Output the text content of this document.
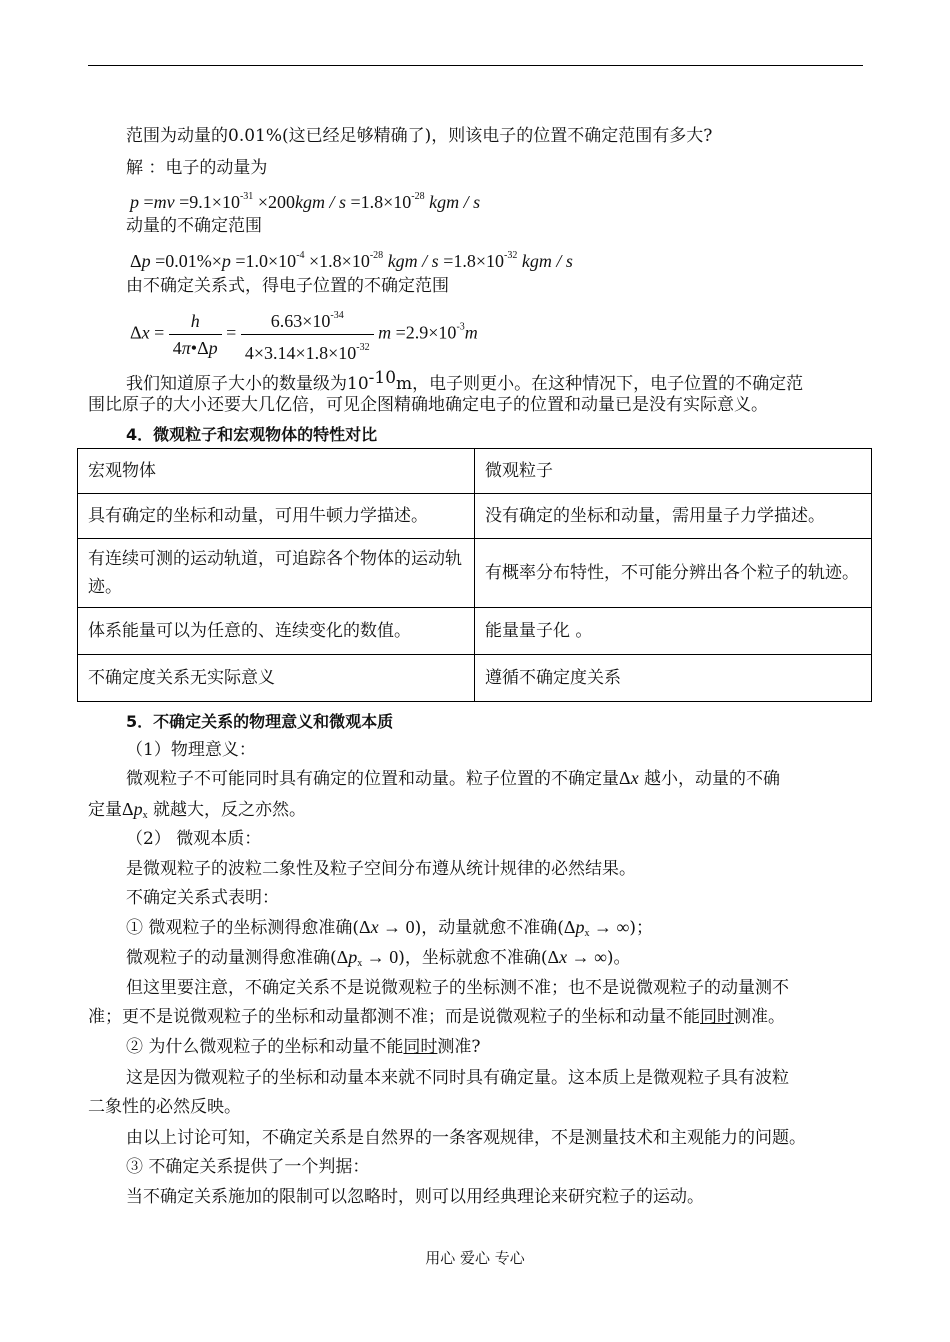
范围为动量的0.01%(这已经足够精确了)，则该电子的位置不确定范围有多大?
解 ：电子的动量为
$p =mv =9.1\times 10^{-31} \times 200kgm / s =1.8\times 10^{-28}$ kgm / s
动量的不确定范围
$\Delta p =0.01\%\times p =1.0\times 10^{-4} \times 1.8\times 10^{-28}$ kgm / $s =1.8\times 10^{-32}$ kgm / s
由不确定关系式，得电子位置的不确定范围
$\Delta x = \frac{h}{4\pi•\Delta p} = \frac{6.63\times 10^{-34}}{4\times 3.14\times 1.8\times 10^{-32}}$ $m =2.9\times 10^{-3}m$
我们知道原子大小的数量级为10-10m，电子则更小。在这种情况下，电子位置的不确定范
围比原子的大小还要大几亿倍，可见企图精确地确定电子的位置和动量已是没有实际意义。
4．微观粒子和宏观物体的特性对比
宏观物体	微观粒子
具有确定的坐标和动量，可用牛顿力学描述。	没有确定的坐标和动量，需用量子力学描述。
有连续可测的运动轨道，可追踪各个物体的运动轨迹。	有概率分布特性，不可能分辨出各个粒子的轨迹。
体系能量可以为任意的、连续变化的数值。	能量量子化 。
不确定度关系无实际意义	遵循不确定度关系
5．不确定关系的物理意义和微观本质
（1）物理意义：
微观粒子不可能同时具有确定的位置和动量。粒子位置的不确定量Δx 越小，动量的不确
定量$\Delta p_x$ 就越大，反之亦然。
（2） 微观本质：
是微观粒子的波粒二象性及粒子空间分布遵从统计规律的必然结果。
不确定关系式表明：
① 微观粒子的坐标测得愈准确(Δx → 0)，动量就愈不准确($\Delta p_x$ → ∞)；
微观粒子的动量测得愈准确$(\Delta p_x \to 0)$，坐标就愈不准确(Δx → ∞)。
但这里要注意，不确定关系不是说微观粒子的坐标测不准；也不是说微观粒子的动量测不
准；更不是说微观粒子的坐标和动量都测不准；而是说微观粒子的坐标和动量不能同时测准。
② 为什么微观粒子的坐标和动量不能同时测准?
这是因为微观粒子的坐标和动量本来就不同时具有确定量。这本质上是微观粒子具有波粒
二象性的必然反映。
由以上讨论可知，不确定关系是自然界的一条客观规律，不是测量技术和主观能力的问题。
③ 不确定关系提供了一个判据：
当不确定关系施加的限制可以忽略时，则可以用经典理论来研究粒子的运动。
用心 爱心 专心
